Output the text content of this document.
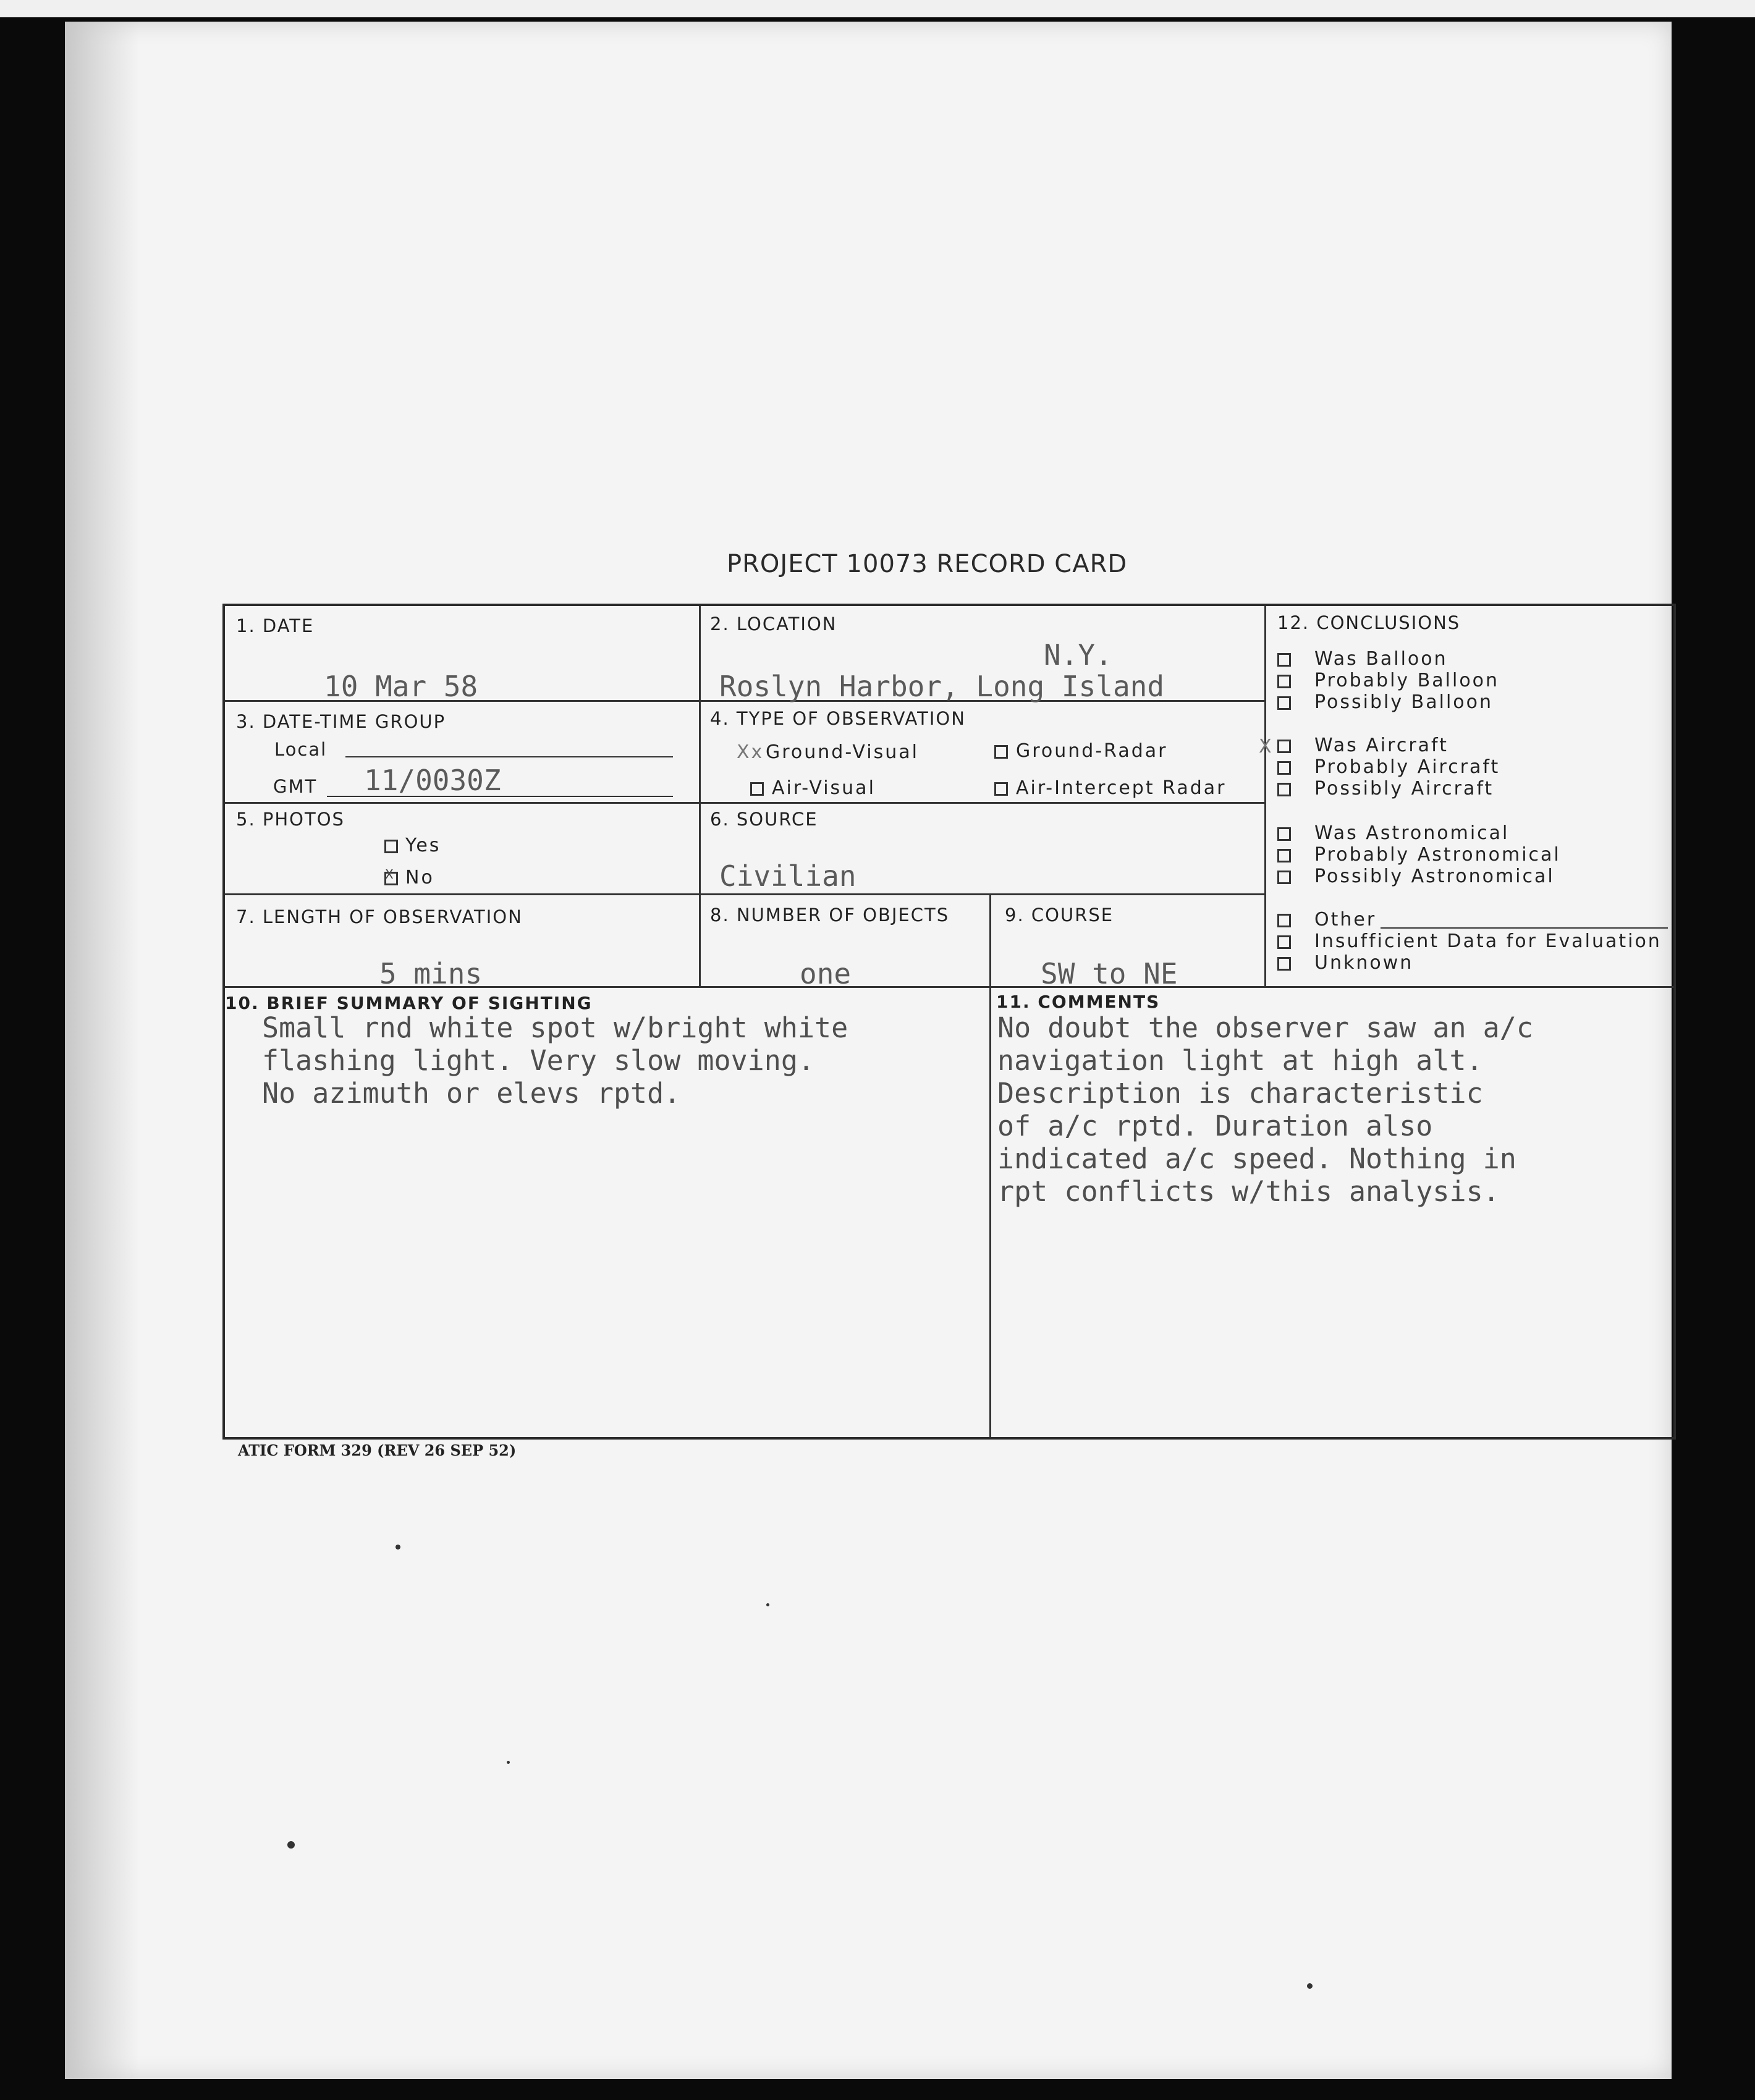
PROJECT 10073 RECORD CARD
1. DATE
10 Mar 58
2. LOCATION
N.Y.
Roslyn Harbor, Long Island
3. DATE-TIME GROUP
Local
GMT 11/0030Z
4. TYPE OF OBSERVATION
Xx Ground-Visual	Ground-Radar
Air-Visual	Air-Intercept Radar
5. PHOTOS
Yes
X No
6. SOURCE
Civilian
7. LENGTH OF OBSERVATION
5 mins
8. NUMBER OF OBJECTS
one
9. COURSE
SW to NE
12. CONCLUSIONS
X
Was Balloon
Probably Balloon
Possibly Balloon
Was Aircraft
Probably Aircraft
Possibly Aircraft
Was Astronomical
Probably Astronomical
Possibly Astronomical
Other
Insufficient Data for Evaluation
Unknown
10. BRIEF SUMMARY OF SIGHTING
Small rnd white spot w/bright white
flashing light. Very slow moving.
No azimuth or elevs rptd.
11. COMMENTS
No doubt the observer saw an a/c
navigation light at high alt.
Description is characteristic
of a/c rptd. Duration also
indicated a/c speed. Nothing in
rpt conflicts w/this analysis.
ATIC FORM 329 (REV 26 SEP 52)
